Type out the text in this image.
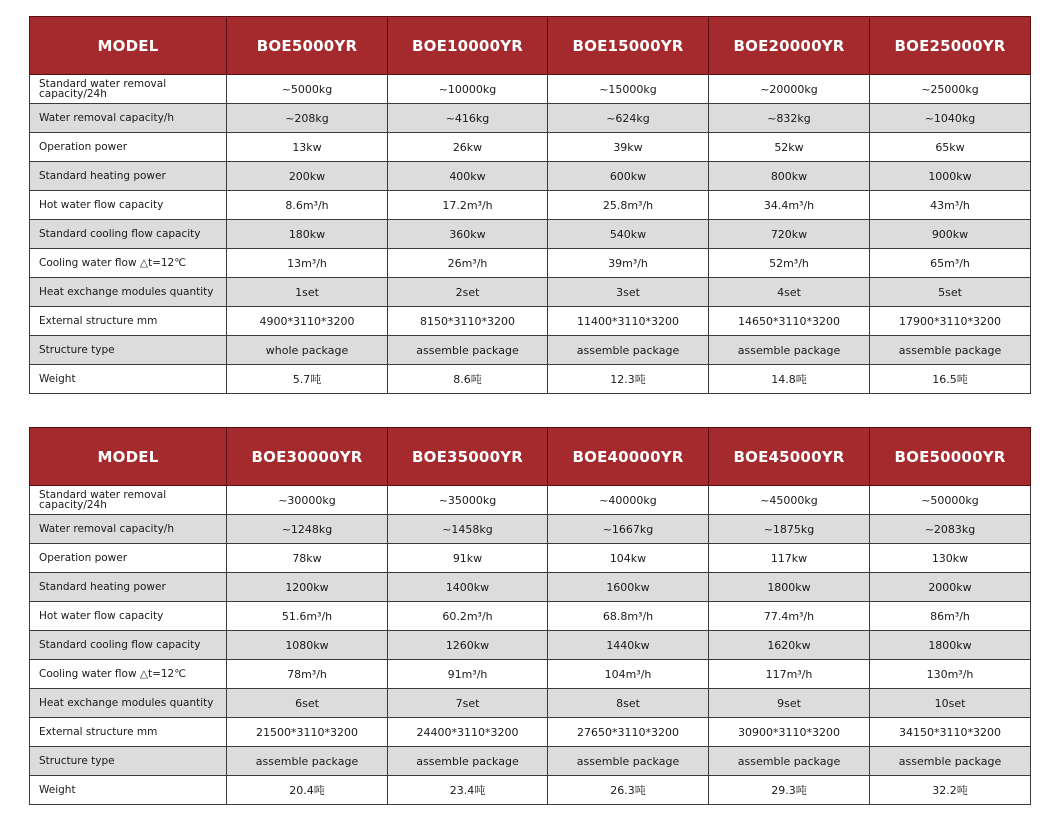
MODEL	BOE5000YR	BOE10000YR	BOE15000YR	BOE20000YR	BOE25000YR
Standard water removal capacity/24h	~5000kg	~10000kg	~15000kg	~20000kg	~25000kg
Water removal capacity/h	~208kg	~416kg	~624kg	~832kg	~1040kg
Operation power	13kw	26kw	39kw	52kw	65kw
Standard heating power	200kw	400kw	600kw	800kw	1000kw
Hot water flow capacity	8.6m³/h	17.2m³/h	25.8m³/h	34.4m³/h	43m³/h
Standard cooling flow capacity	180kw	360kw	540kw	720kw	900kw
Cooling water flow △t=12℃	13m³/h	26m³/h	39m³/h	52m³/h	65m³/h
Heat exchange modules quantity	1set	2set	3set	4set	5set
External structure mm	4900*3110*3200	8150*3110*3200	11400*3110*3200	14650*3110*3200	17900*3110*3200
Structure type	whole package	assemble package	assemble package	assemble package	assemble package
Weight	5.7吨	8.6吨	12.3吨	14.8吨	16.5吨
MODEL	BOE30000YR	BOE35000YR	BOE40000YR	BOE45000YR	BOE50000YR
Standard water removal capacity/24h	~30000kg	~35000kg	~40000kg	~45000kg	~50000kg
Water removal capacity/h	~1248kg	~1458kg	~1667kg	~1875kg	~2083kg
Operation power	78kw	91kw	104kw	117kw	130kw
Standard heating power	1200kw	1400kw	1600kw	1800kw	2000kw
Hot water flow capacity	51.6m³/h	60.2m³/h	68.8m³/h	77.4m³/h	86m³/h
Standard cooling flow capacity	1080kw	1260kw	1440kw	1620kw	1800kw
Cooling water flow △t=12℃	78m³/h	91m³/h	104m³/h	117m³/h	130m³/h
Heat exchange modules quantity	6set	7set	8set	9set	10set
External structure mm	21500*3110*3200	24400*3110*3200	27650*3110*3200	30900*3110*3200	34150*3110*3200
Structure type	assemble package	assemble package	assemble package	assemble package	assemble package
Weight	20.4吨	23.4吨	26.3吨	29.3吨	32.2吨
